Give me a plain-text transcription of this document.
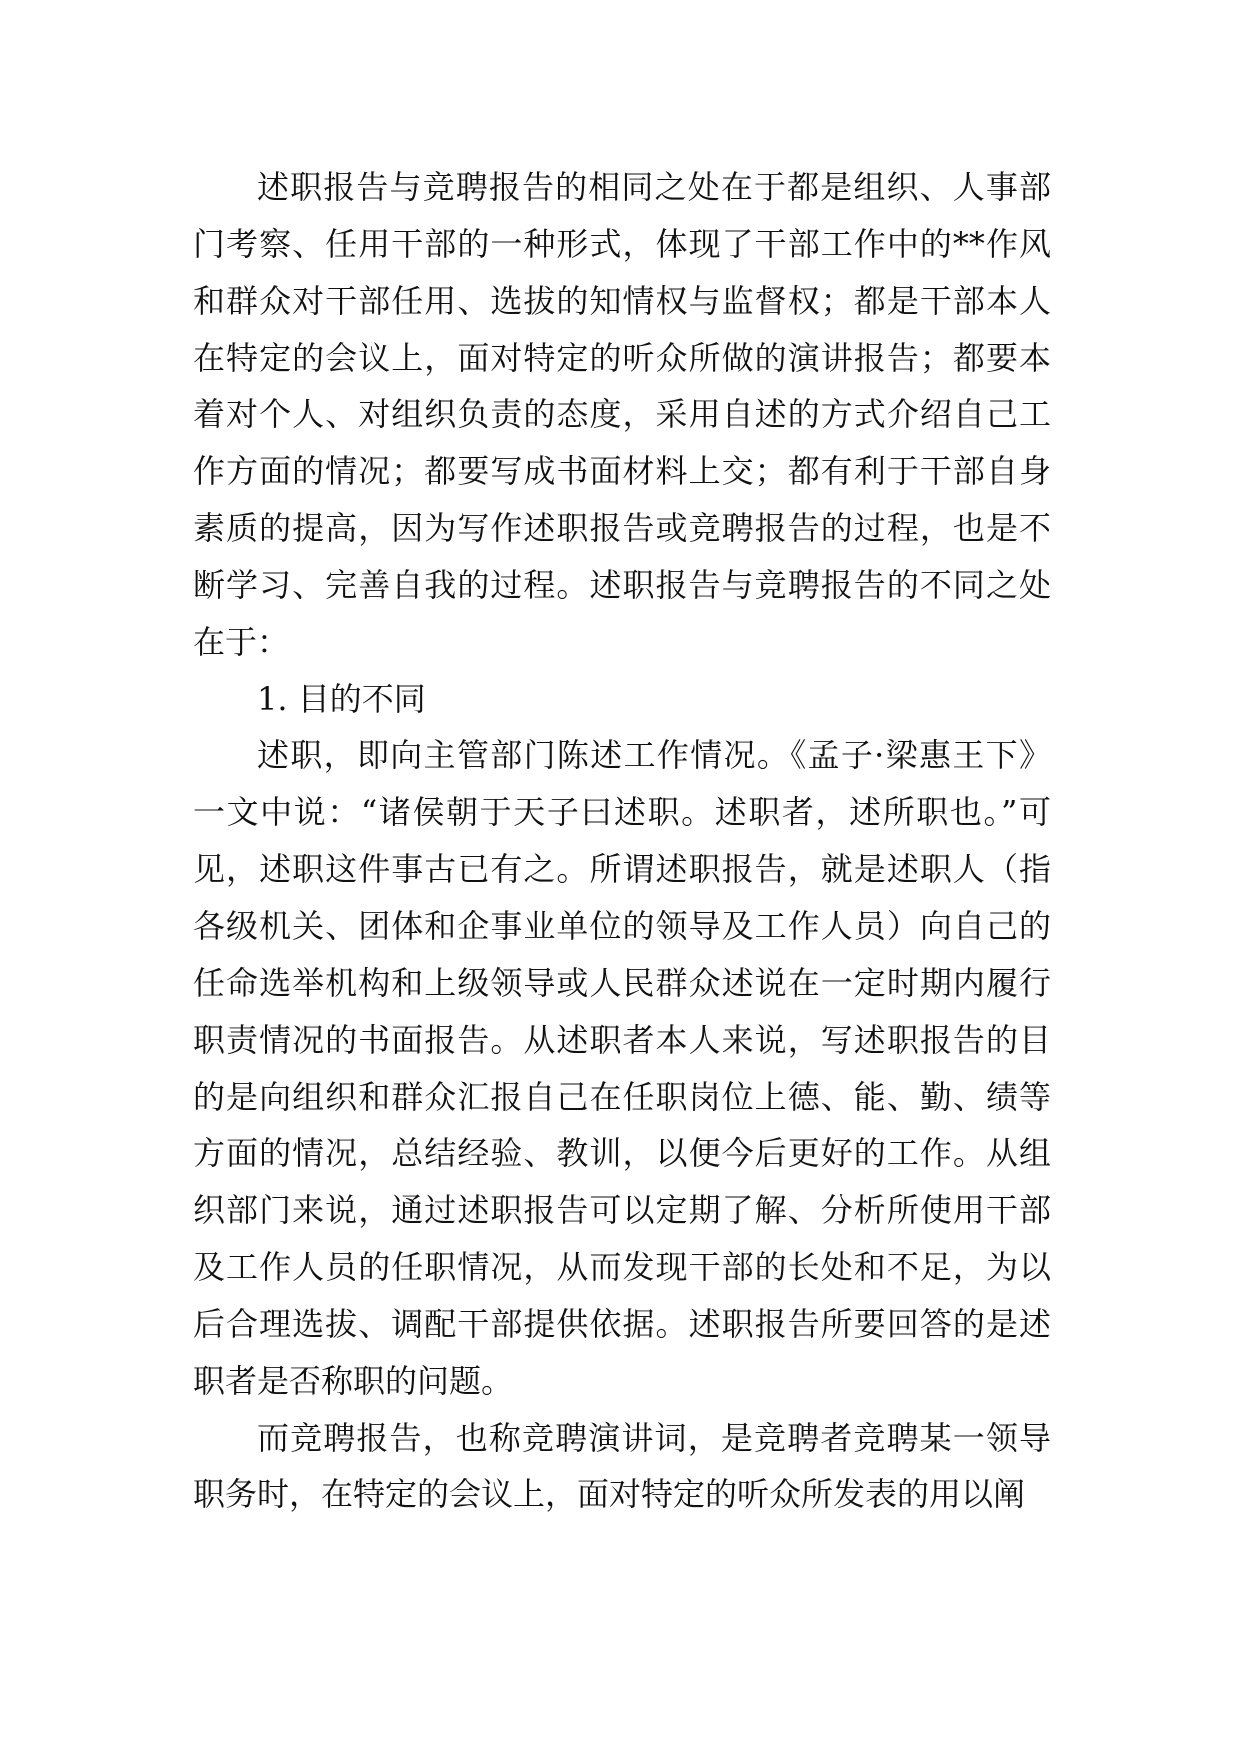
述职报告与竞聘报告的相同之处在于都是组织、人事部门考察、任用干部的一种形式，体现了干部工作中的**作风和群众对干部任用、选拔的知情权与监督权；都是干部本人在特定的会议上，面对特定的听众所做的演讲报告；都要本着对个人、对组织负责的态度，采用自述的方式介绍自己工作方面的情况；都要写成书面材料上交；都有利于干部自身素质的提高，因为写作述职报告或竞聘报告的过程，也是不断学习、完善自我的过程。述职报告与竞聘报告的不同之处在于：

1. 目的不同

述职，即向主管部门陈述工作情况。《孟子·梁惠王下》一文中说：“诸侯朝于天子曰述职。述职者，述所职也。”可见，述职这件事古已有之。所谓述职报告，就是述职人（指各级机关、团体和企事业单位的领导及工作人员）向自己的任命选举机构和上级领导或人民群众述说在一定时期内履行职责情况的书面报告。从述职者本人来说，写述职报告的目的是向组织和群众汇报自己在任职岗位上德、能、勤、绩等方面的情况，总结经验、教训，以便今后更好的工作。从组织部门来说，通过述职报告可以定期了解、分析所使用干部及工作人员的任职情况，从而发现干部的长处和不足，为以后合理选拔、调配干部提供依据。述职报告所要回答的是述职者是否称职的问题。

而竞聘报告，也称竞聘演讲词，是竞聘者竞聘某一领导职务时，在特定的会议上，面对特定的听众所发表的用以阐
